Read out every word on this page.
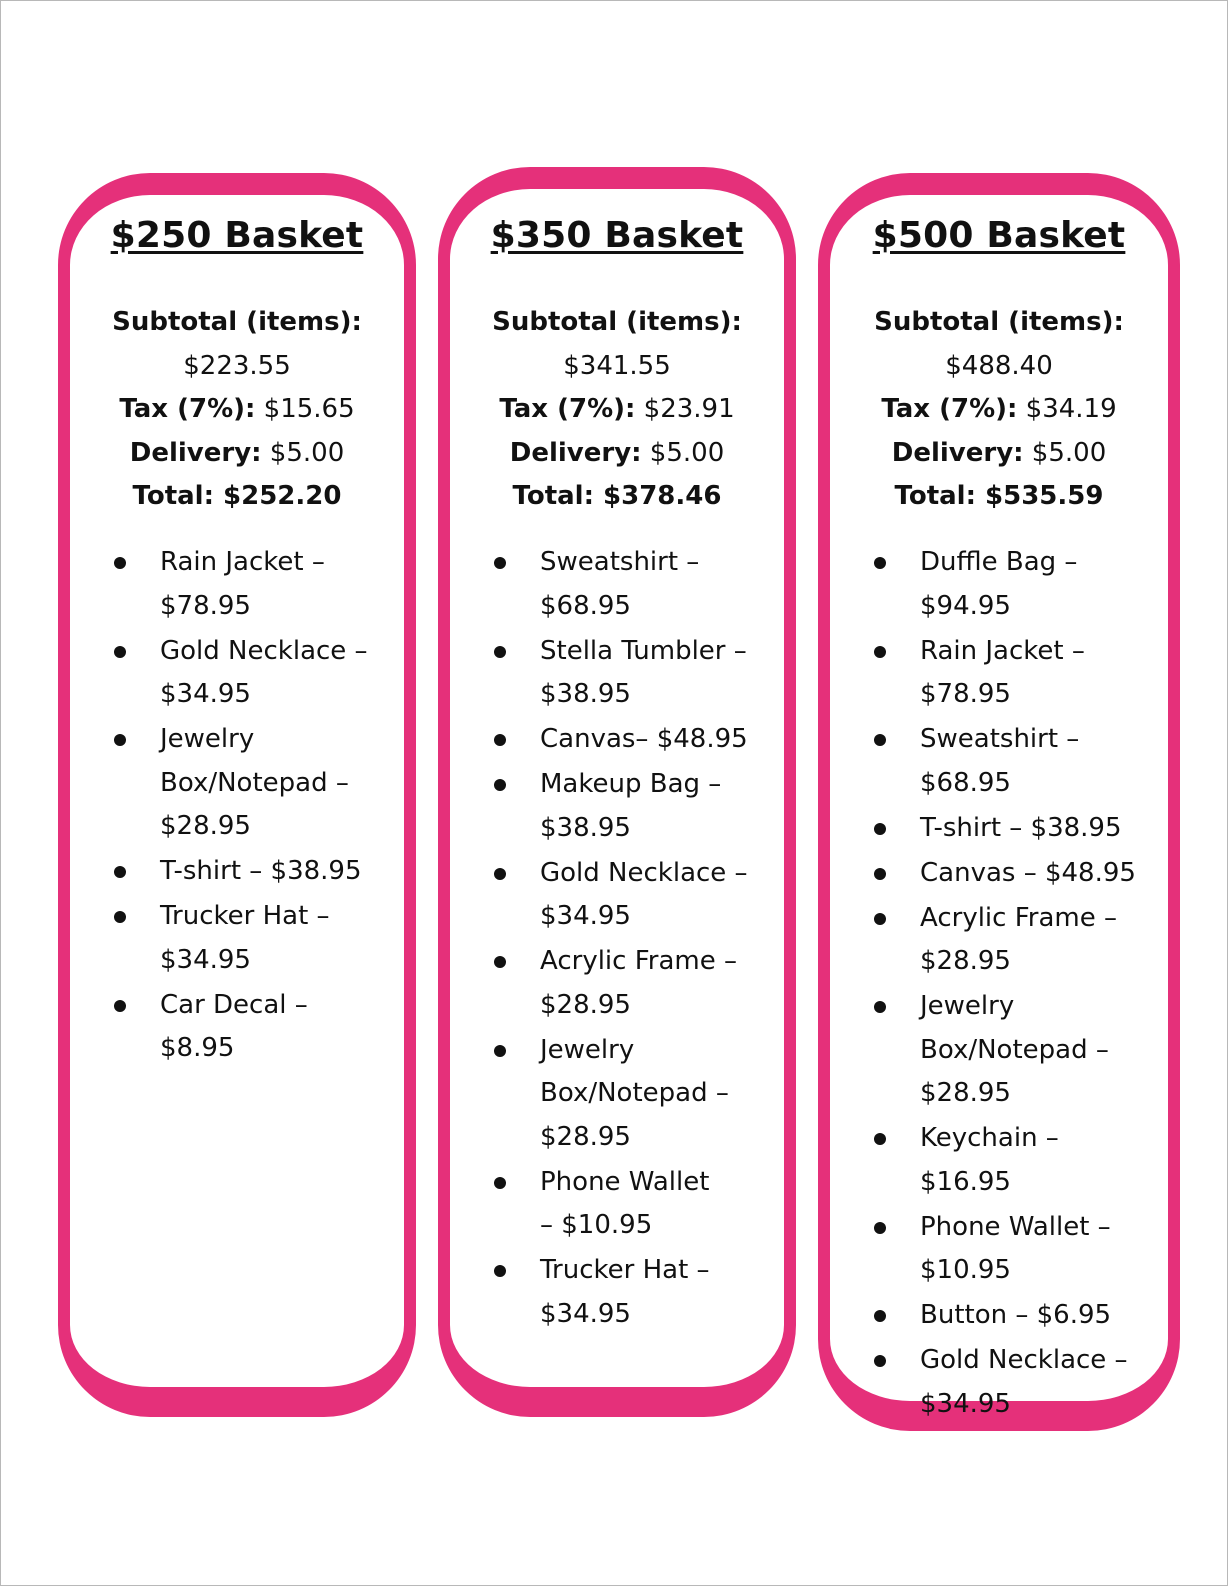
$250 Basket
Subtotal (items):
$223.55
Tax (7%): $15.65
Delivery: $5.00
Total: $252.20
Rain Jacket – $78.95
Gold Necklace – $34.95
Jewelry Box/Notepad – $28.95
T-shirt – $38.95
Trucker Hat – $34.95
Car Decal – $8.95
$350 Basket
Subtotal (items):
$341.55
Tax (7%): $23.91
Delivery: $5.00
Total: $378.46
Sweatshirt – $68.95
Stella Tumbler – $38.95
Canvas– $48.95
Makeup Bag – $38.95
Gold Necklace – $34.95
Acrylic Frame – $28.95
Jewelry Box/Notepad – $28.95
Phone Wallet – $10.95
Trucker Hat – $34.95
$500 Basket
Subtotal (items):
$488.40
Tax (7%): $34.19
Delivery: $5.00
Total: $535.59
Duffle Bag – $94.95
Rain Jacket – $78.95
Sweatshirt – $68.95
T-shirt – $38.95
Canvas – $48.95
Acrylic Frame – $28.95
Jewelry Box/Notepad – $28.95
Keychain – $16.95
Phone Wallet – $10.95
Button – $6.95
Gold Necklace – $34.95
